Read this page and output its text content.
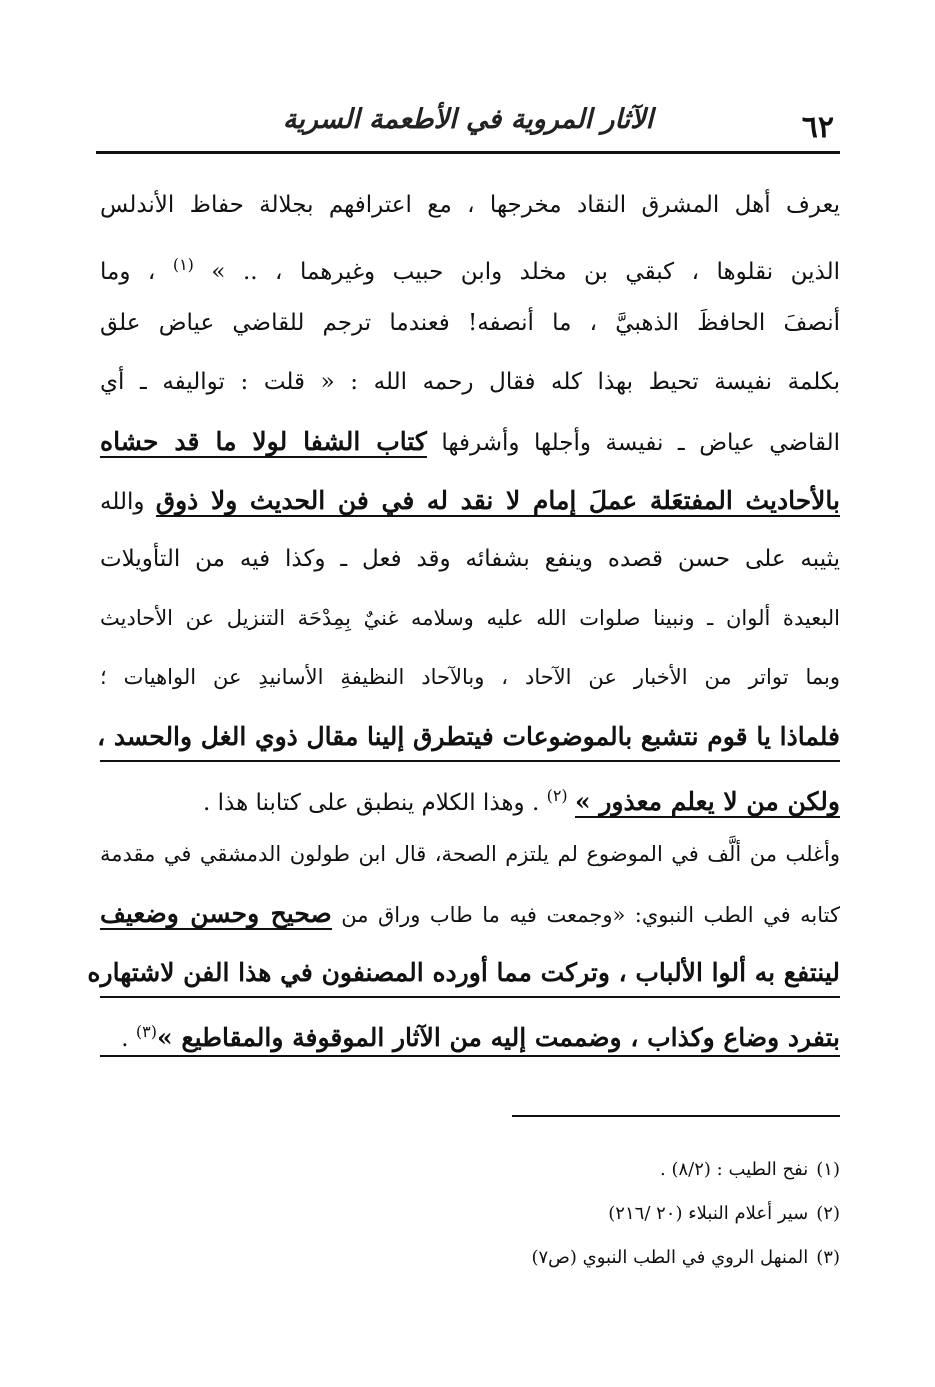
٦٢
الآثار المروية في الأطعمة السرية
يعرف أهل المشرق النقاد مخرجها ، مع اعترافهم بجلالة حفاظ الأندلس
الذين نقلوها ، كبقي بن مخلد وابن حبيب وغيرهما ، .. » $^{(١)}$ ، وما
أنصفَ الحافظَ الذهبيَّ ، ما أنصفه! فعندما ترجم للقاضي عياض علق
بكلمة نفيسة تحيط بهذا كله فقال رحمه الله : « قلت : تواليفه ـ أي
القاضي عياض ـ نفيسة وأجلها وأشرفها كتاب الشفا لولا ما قد حشاه
بالأحاديث المفتعَلة عملَ إمام لا نقد له في فن الحديث ولا ذوق والله
يثيبه على حسن قصده وينفع بشفائه وقد فعل ـ وكذا فيه من التأويلات
البعيدة ألوان ـ ونبينا صلوات الله عليه وسلامه غنيٌ بِمِدْحَة التنزيل عن الأحاديث
وبما تواتر من الأخبار عن الآحاد ، وبالآحاد النظيفةِ الأسانيدِ عن الواهيات ؛
فلماذا يا قوم نتشبع بالموضوعات فيتطرق إلينا مقال ذوي الغل والحسد ،
ولكن من لا يعلم معذور » $^{(٢)}$ . وهذا الكلام ينطبق على كتابنا هذا .
وأغلب من ألَّف في الموضوع لم يلتزم الصحة، قال ابن طولون الدمشقي في مقدمة
كتابه في الطب النبوي: «وجمعت فيه ما طاب وراق من صحيح وحسن وضعيف
لينتفع به ألوا الألباب ، وتركت مما أورده المصنفون في هذا الفن لاشتهاره
بتفرد وضاع وكذاب ، وضممت إليه من الآثار الموقوفة والمقاطيع »$^{(٣)}$ .
(١)نفح الطيب : (٨/٢) .
(٢)سير أعلام النبلاء (٢٠ /٢١٦)
(٣)المنهل الروي في الطب النبوي (ص٧)
